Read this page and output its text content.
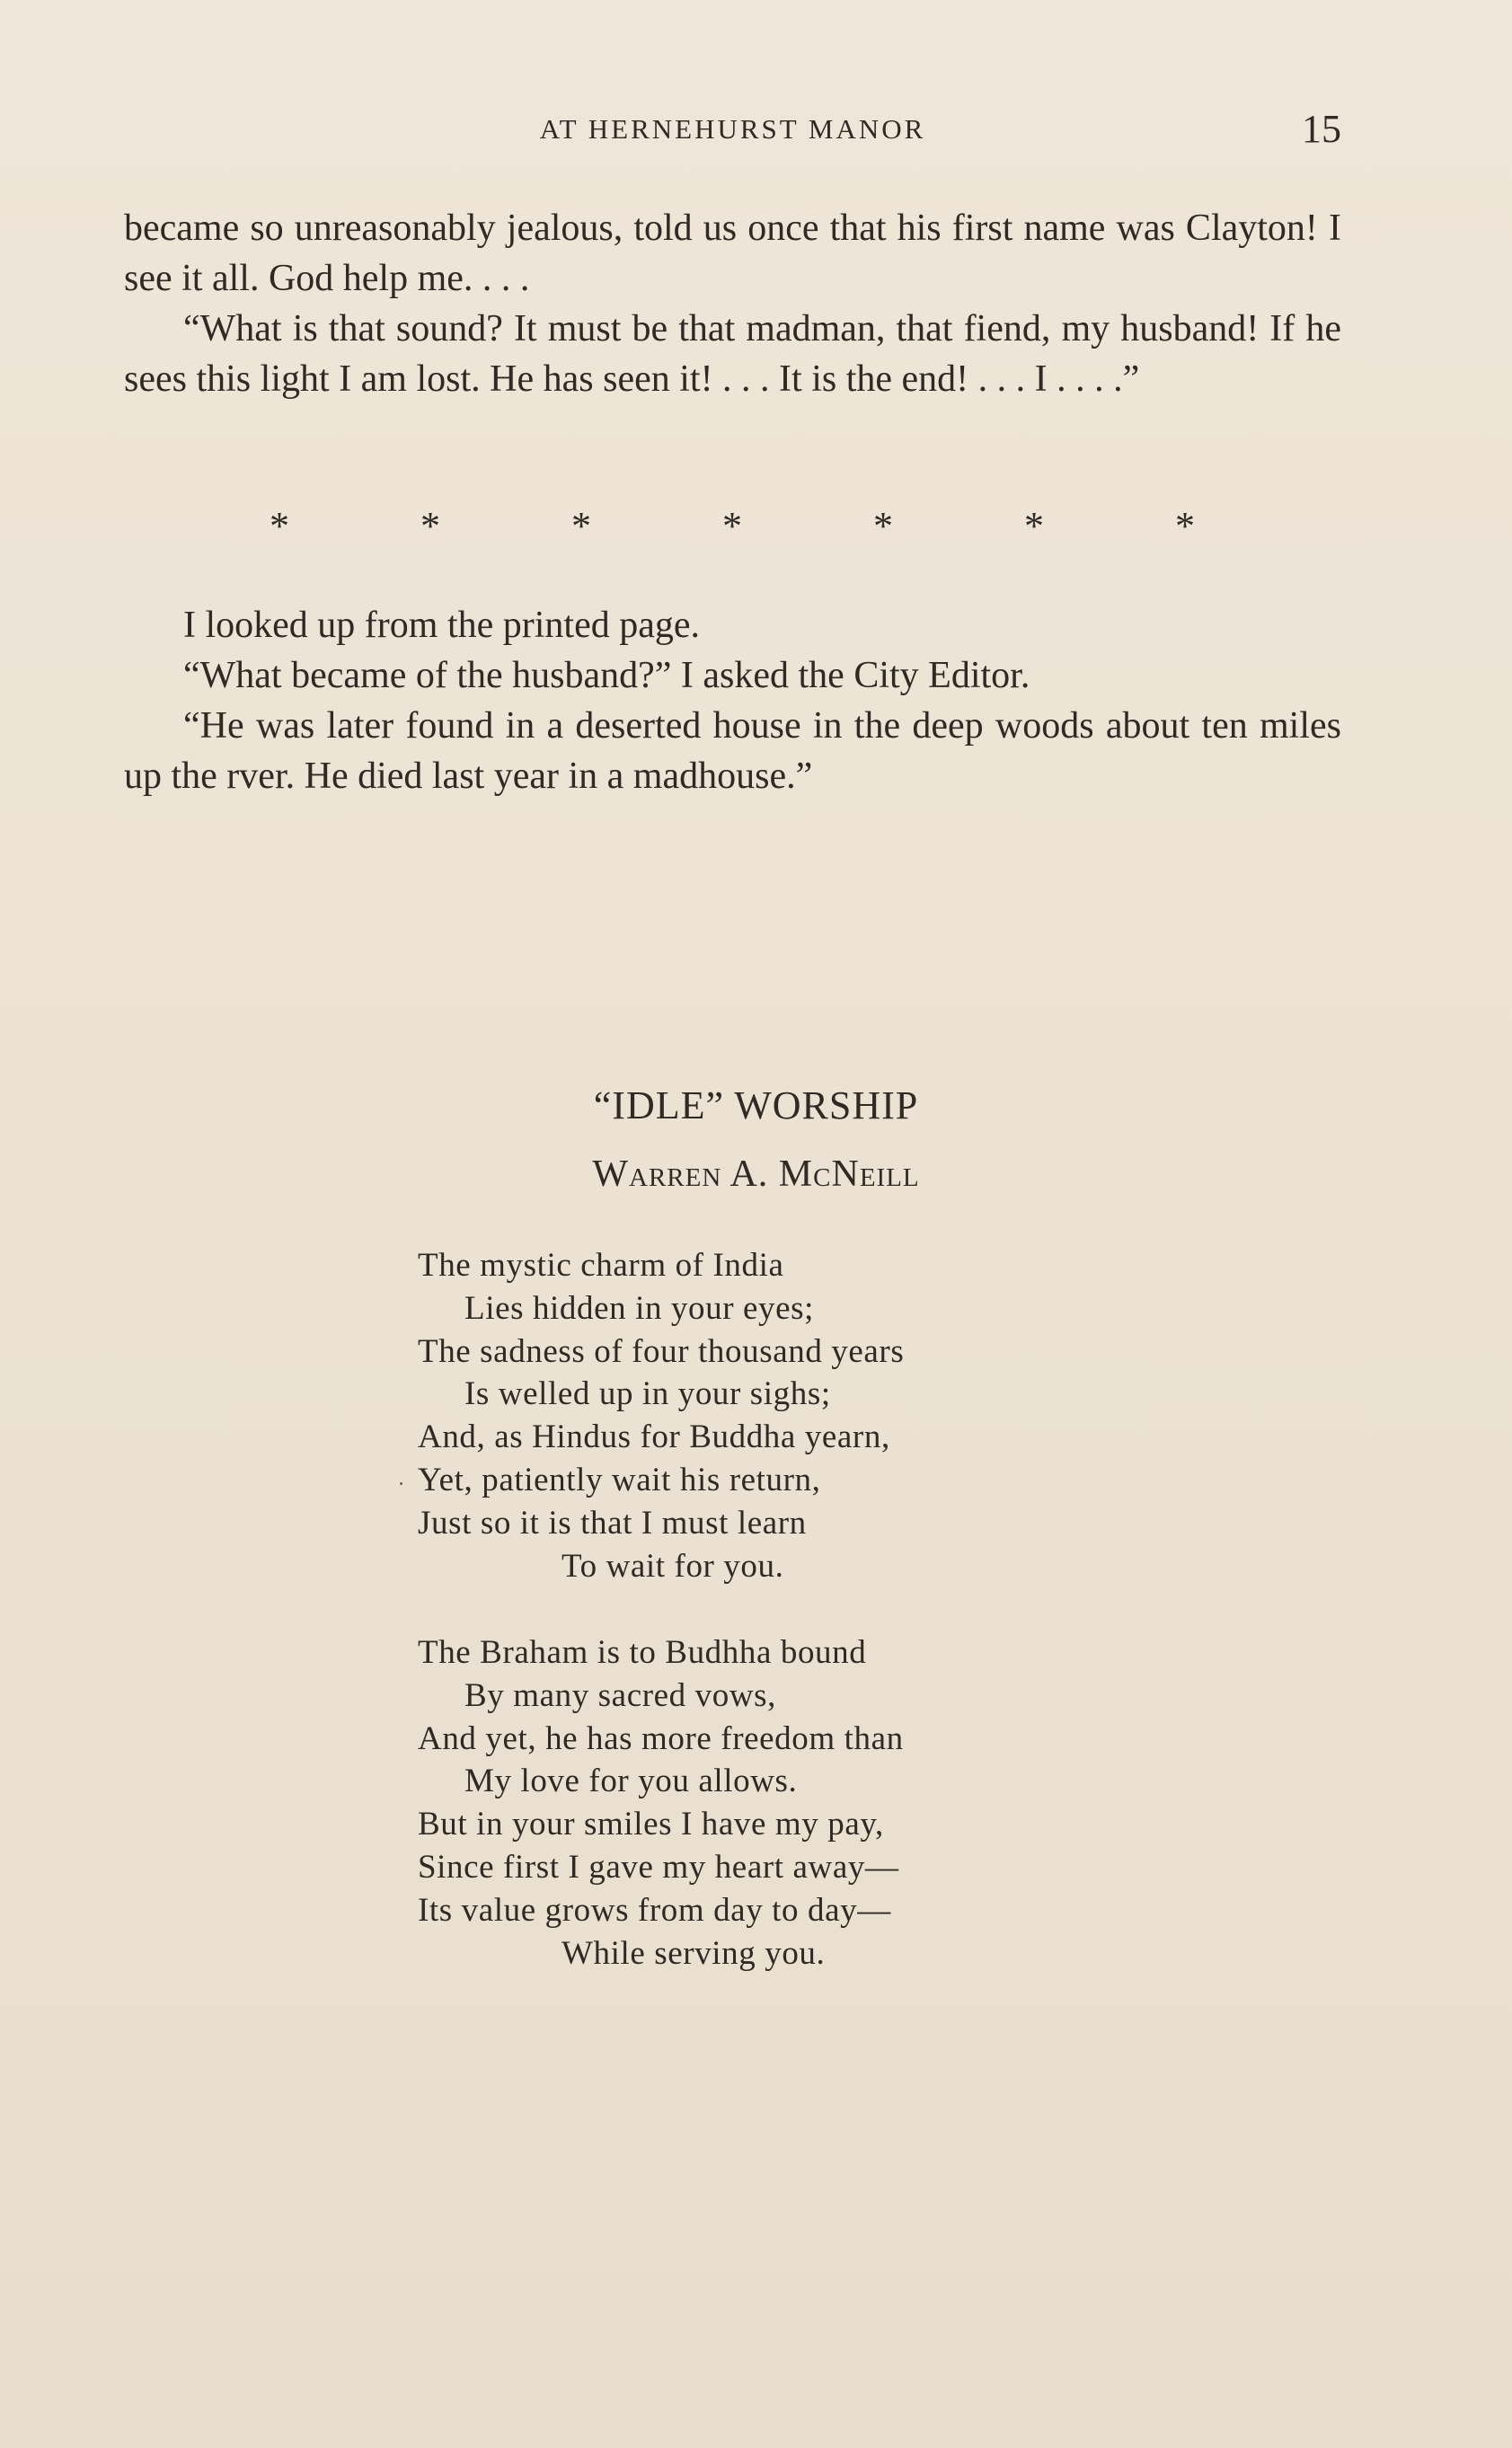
AT HERNEHURST MANOR	15

became so unreasonably jealous, told us once that his first name was Clayton! I see it all. God help me. . . .

“What is that sound? It must be that madman, that fiend, my husband! If he sees this light I am lost. He has seen it! . . . It is the end! . . . I . . . .”

*	*	*	*	*	*	*

I looked up from the printed page.

“What became of the husband?” I asked the City Editor.

“He was later found in a deserted house in the deep woods about ten miles up the rver. He died last year in a madhouse.”

“IDLE” WORSHIP
Warren A. McNeill
The mystic charm of India
Lies hidden in your eyes;
The sadness of four thousand years
Is welled up in your sighs;
And, as Hindus for Buddha yearn,
Yet, patiently wait his return,
Just so it is that I must learn
To wait for you.
The Braham is to Budhha bound
By many sacred vows,
And yet, he has more freedom than
My love for you allows.
But in your smiles I have my pay,
Since first I gave my heart away—
Its value grows from day to day—
While serving you.
